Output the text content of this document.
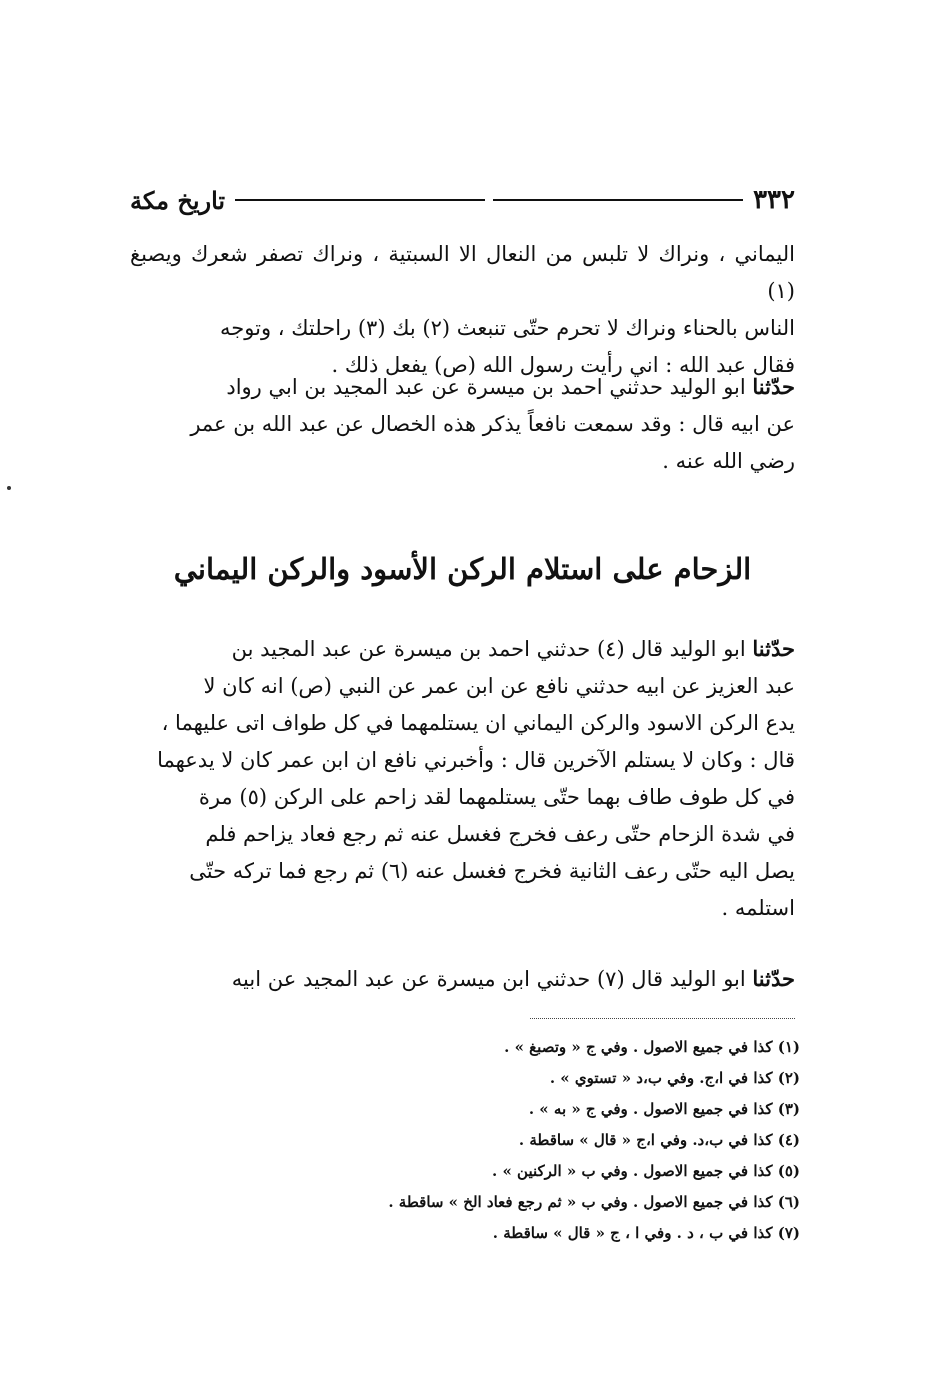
٣٣٢
تاريخ مكة

اليماني ، ونراك لا تلبس من النعال الا السبتية ، ونراك تصفر شعرك ويصبغ (١)

الناس بالحناء ونراك لا تحرم حتّى تنبعث (٢) بك (٣) راحلتك ، وتوجه

فقال عبد الله : اني رأيت رسول الله (ص) يفعل ذلك .

حدّثنا ابو الوليد حدثني احمد بن ميسرة عن عبد المجيد بن ابي رواد

عن ابيه قال : وقد سمعت نافعاً يذكر هذه الخصال عن عبد الله بن عمر

رضي الله عنه .

الزحام على استلام الركن الأسود والركن اليماني

حدّثنا ابو الوليد قال (٤) حدثني احمد بن ميسرة عن عبد المجيد بن

عبد العزيز عن ابيه حدثني نافع عن ابن عمر عن النبي (ص) انه كان لا

يدع الركن الاسود والركن اليماني ان يستلمهما في كل طواف اتى عليهما ،

قال : وكان لا يستلم الآخرين قال : وأخبرني نافع ان ابن عمر كان لا يدعهما

في كل طوف طاف بهما حتّى يستلمهما لقد زاحم على الركن (٥) مرة

في شدة الزحام حتّى رعف فخرج فغسل عنه ثم رجع فعاد يزاحم فلم

يصل اليه حتّى رعف الثانية فخرج فغسل عنه (٦) ثم رجع فما تركه حتّى

استلمه .

حدّثنا ابو الوليد قال (٧) حدثني ابن ميسرة عن عبد المجيد عن ابيه

(١) كذا في جميع الاصول . وفي ج « وتصبغ » .
(٢) كذا في ا،ج. وفي ب،د « تستوي » .
(٣) كذا في جميع الاصول . وفي ج « به » .
(٤) كذا في ب،د. وفي ا،ج « قال » ساقطة .
(٥) كذا في جميع الاصول . وفي ب « الركنين » .
(٦) كذا في جميع الاصول . وفي ب « ثم رجع فعاد الخ » ساقطة .
(٧) كذا في ب ، د . وفي ا ، ج « قال » ساقطة .
